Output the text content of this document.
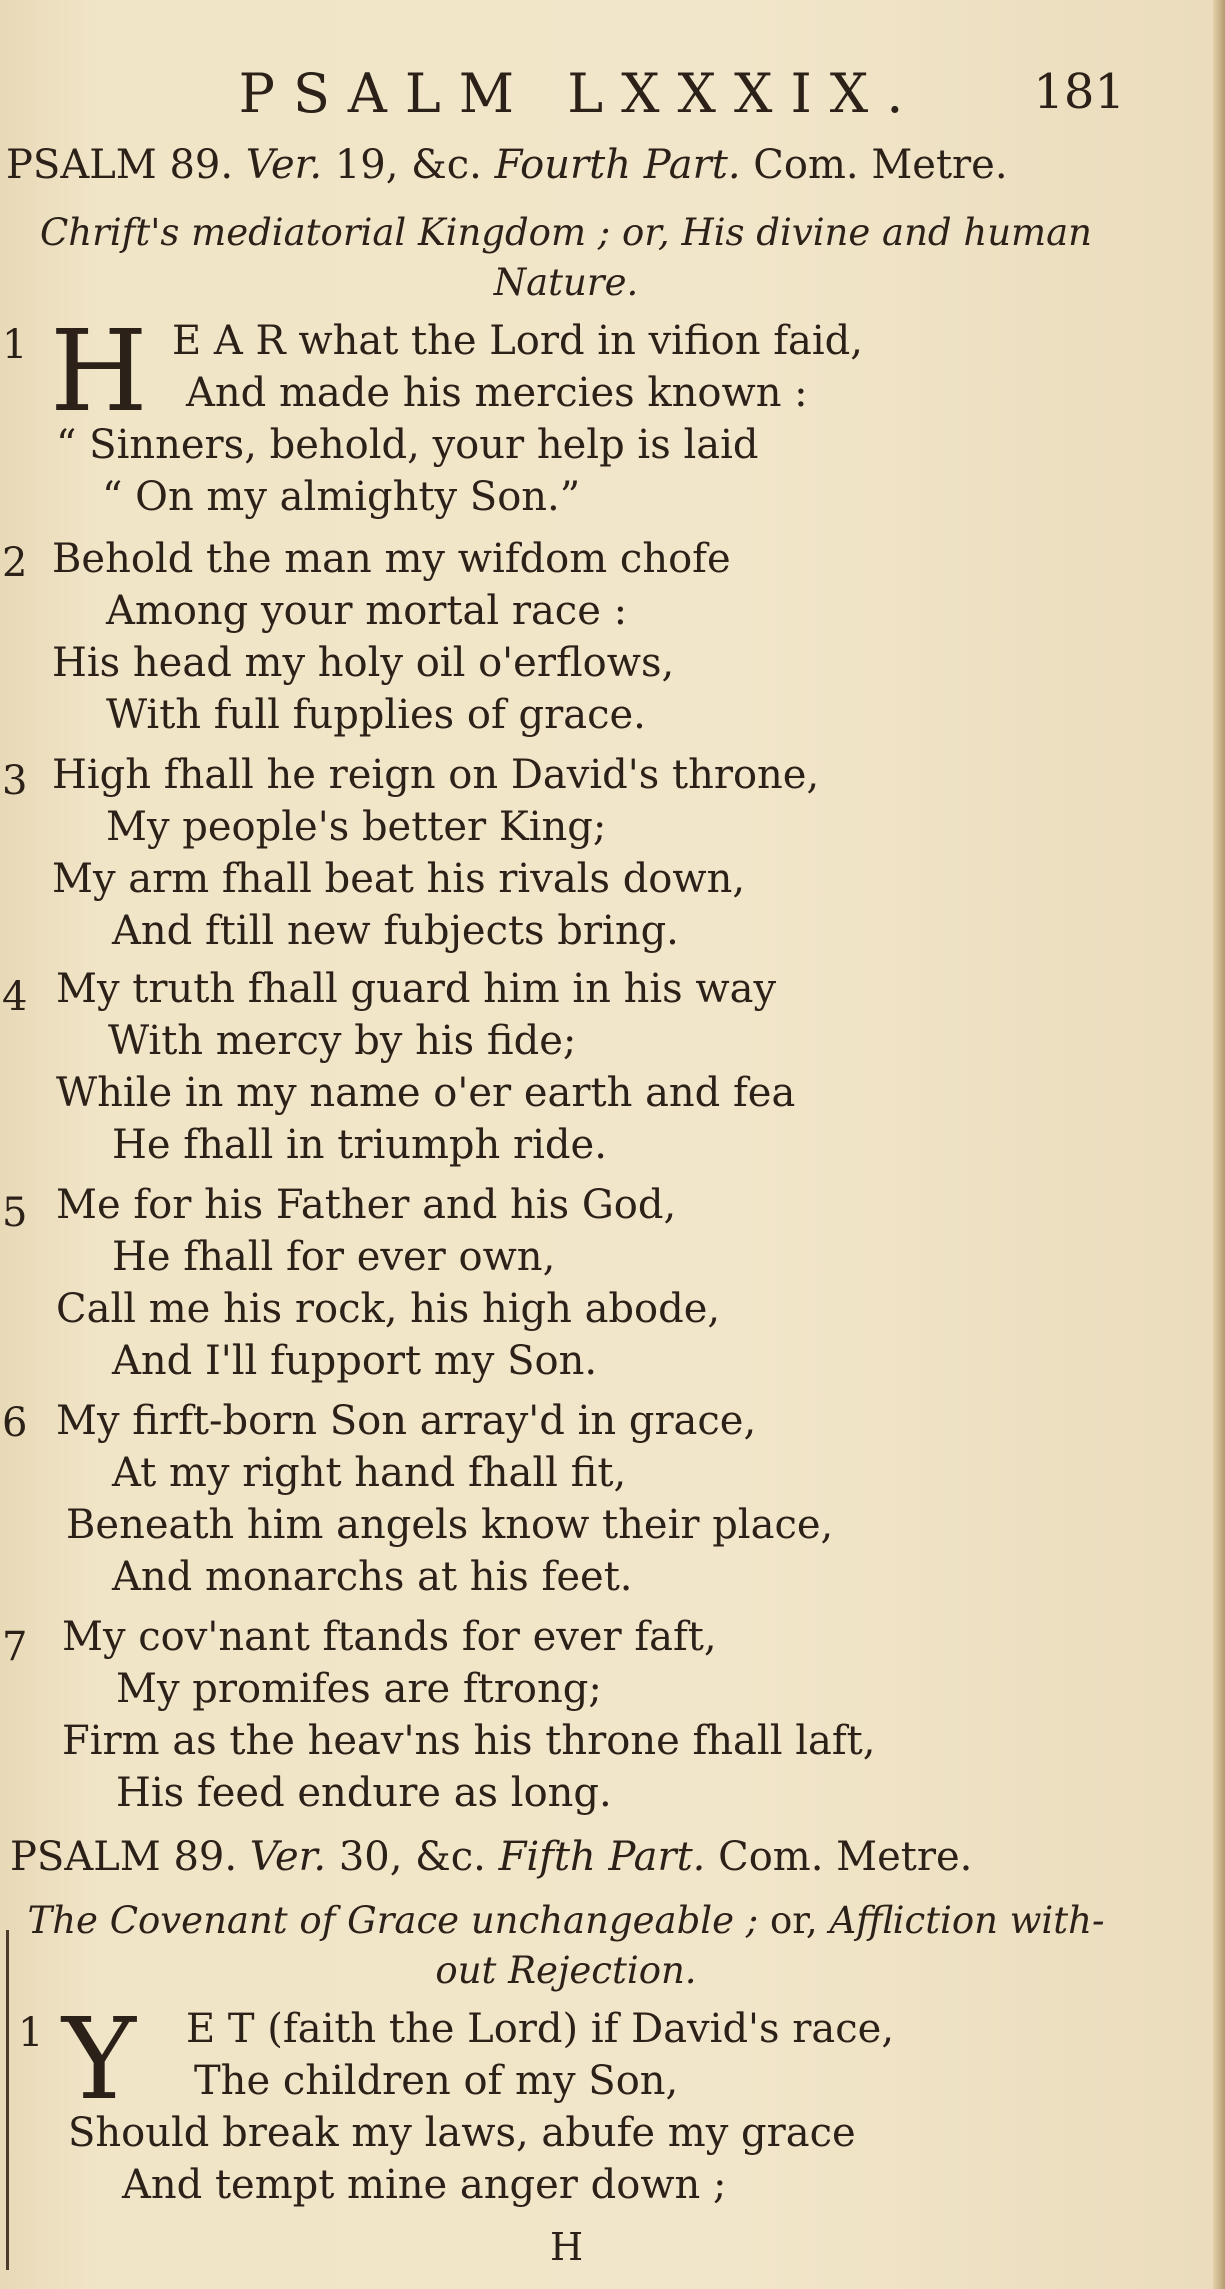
PSALM LXXXIX.	181
PSALM 89. Ver. 19, &c. Fourth Part. Com. Metre.
Chrift's mediatorial Kingdom ; or, His divine and human
Nature.
1 H E A R what the Lord in vifion faid,
And made his mercies known :
“ Sinners, behold, your help is laid
“ On my almighty Son.”
2 Behold the man my wifdom chofe
Among your mortal race :
His head my holy oil o'erflows,
With full fupplies of grace.
3 High fhall he reign on David's throne,
My people's better King;
My arm fhall beat his rivals down,
And ftill new fubjects bring.
4 My truth fhall guard him in his way
With mercy by his fide;
While in my name o'er earth and fea
He fhall in triumph ride.
5 Me for his Father and his God,
He fhall for ever own,
Call me his rock, his high abode,
And I'll fupport my Son.
6 My firft-born Son array'd in grace,
At my right hand fhall fit,
Beneath him angels know their place,
And monarchs at his feet.
7 My cov'nant ftands for ever faft,
My promifes are ftrong;
Firm as the heav'ns his throne fhall laft,
His feed endure as long.
PSALM 89. Ver. 30, &c. Fifth Part. Com. Metre.
The Covenant of Grace unchangeable ; or, Affliction with-
out Rejection.
1 Y E T (faith the Lord) if David's race,
The children of my Son,
Should break my laws, abufe my grace
And tempt mine anger down ;
H
